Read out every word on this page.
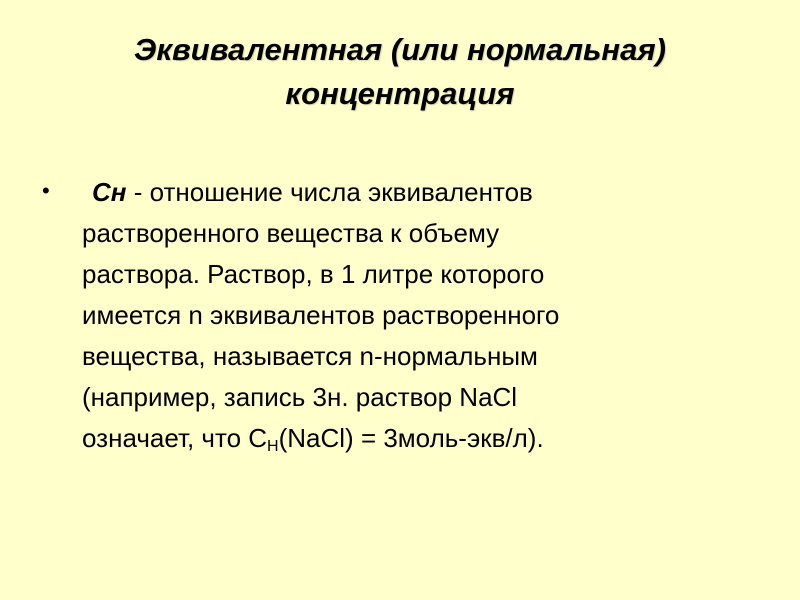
Эквивалентная (или нормальная)
концентрация
•	Сн - отношение числа эквивалентов
растворенного вещества к объему
раствора. Раствор, в 1 литре которого
имеется n эквивалентов растворенного
вещества, называется n-нормальным
(например, запись 3н. раствор NaCl
означает, что $С_Н(NaCl)$ = 3моль-экв/л).
